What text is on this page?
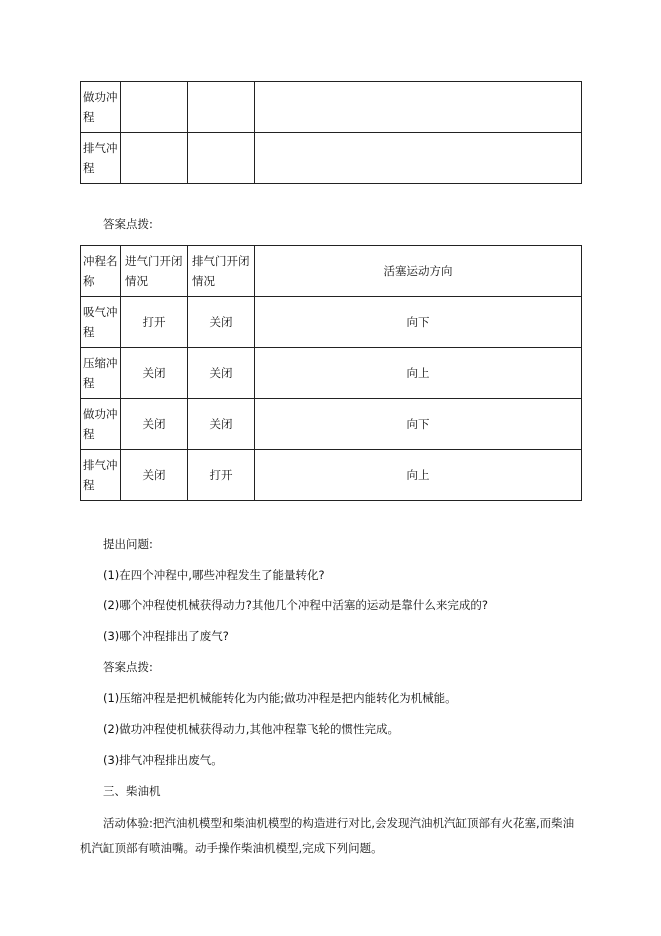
做功冲程			
排气冲程			
答案点拨:
冲程名称	进气门开闭情况	排气门开闭情况	活塞运动方向
吸气冲程	打开	关闭	向下
压缩冲程	关闭	关闭	向上
做功冲程	关闭	关闭	向下
排气冲程	关闭	打开	向上
提出问题:
(1)在四个冲程中,哪些冲程发生了能量转化?
(2)哪个冲程使机械获得动力?其他几个冲程中活塞的运动是靠什么来完成的?
(3)哪个冲程排出了废气?
答案点拨:
(1)压缩冲程是把机械能转化为内能;做功冲程是把内能转化为机械能。
(2)做功冲程使机械获得动力,其他冲程靠飞轮的惯性完成。
(3)排气冲程排出废气。
三、柴油机
活动体验:把汽油机模型和柴油机模型的构造进行对比,会发现汽油机汽缸顶部有火花塞,而柴油机汽缸顶部有喷油嘴。动手操作柴油机模型,完成下列问题。
